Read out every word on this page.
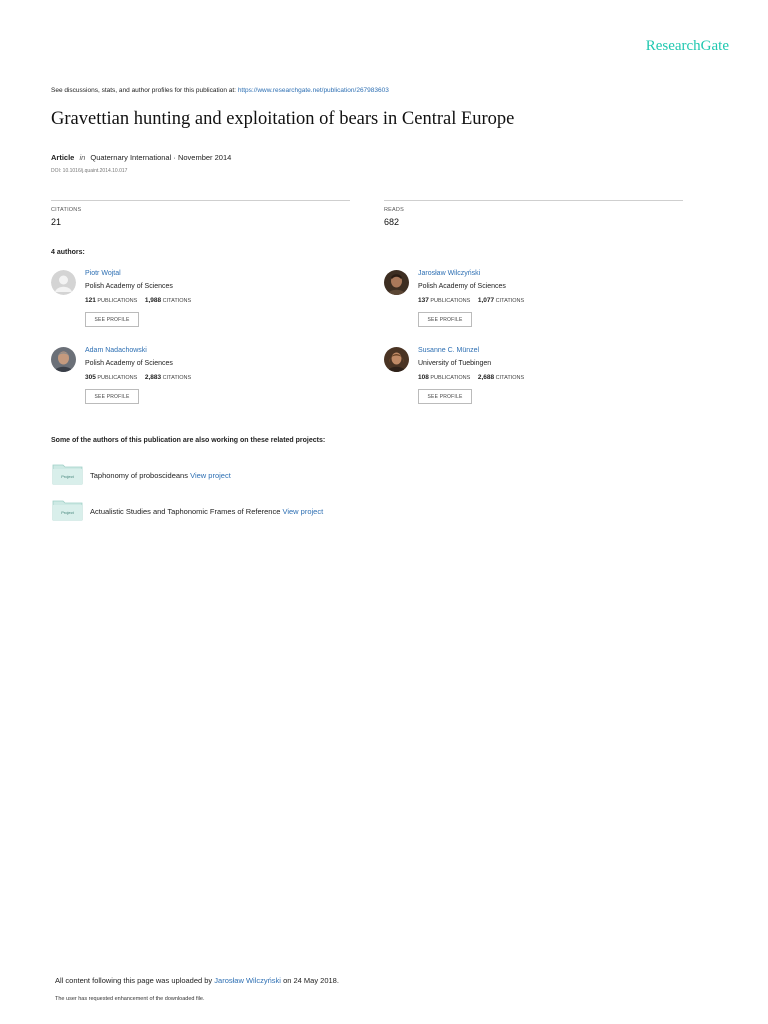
ResearchGate
See discussions, stats, and author profiles for this publication at: https://www.researchgate.net/publication/267983603
Gravettian hunting and exploitation of bears in Central Europe
Article in Quaternary International · November 2014
DOI: 10.1016/j.quaint.2014.10.017
CITATIONS
21
READS
682
4 authors:
Piotr Wojtal
Polish Academy of Sciences
121 PUBLICATIONS 1,988 CITATIONS
SEE PROFILE
Jarosław Wilczyński
Polish Academy of Sciences
137 PUBLICATIONS 1,077 CITATIONS
SEE PROFILE
Adam Nadachowski
Polish Academy of Sciences
305 PUBLICATIONS 2,883 CITATIONS
SEE PROFILE
Susanne C. Münzel
University of Tuebingen
108 PUBLICATIONS 2,688 CITATIONS
SEE PROFILE
Some of the authors of this publication are also working on these related projects:
Project Taphonomy of proboscideans View project
Project Actualistic Studies and Taphonomic Frames of Reference View project
All content following this page was uploaded by Jarosław Wilczyński on 24 May 2018.
The user has requested enhancement of the downloaded file.
